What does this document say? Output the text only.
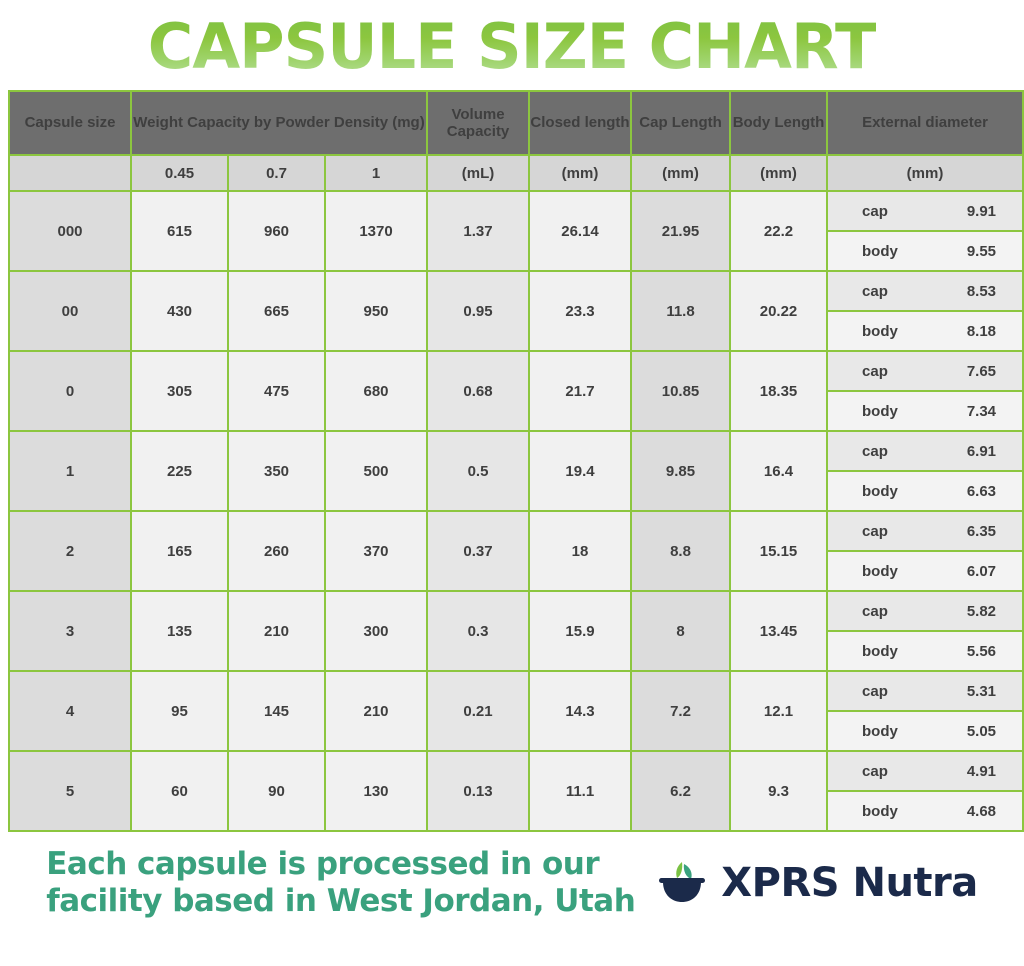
CAPSULE SIZE CHART
Capsule size	Weight Capacity by Powder Density (mg)			Volume Capacity	Closed length	Cap Length	Body Length	External diameter
	0.45	0.7	1	(mL)	(mm)	(mm)	(mm)	(mm)
000	615	960	1370	1.37	26.14	21.95	22.2	cap 9.91
body 9.55

00	430	665	950	0.95	23.3	11.8	20.22	cap 8.53
body 8.18

0	305	475	680	0.68	21.7	10.85	18.35	cap 7.65
body 7.34

1	225	350	500	0.5	19.4	9.85	16.4	cap 6.91
body 6.63

2	165	260	370	0.37	18	8.8	15.15	cap 6.35
body 6.07

3	135	210	300	0.3	15.9	8	13.45	cap 5.82
body 5.56

4	95	145	210	0.21	14.3	7.2	12.1	cap 5.31
body 5.05

5	60	90	130	0.13	11.1	6.2	9.3	cap 4.91
body 4.68
Each capsule is processed in our
facility based in West Jordan, Utah XPRS Nutra
